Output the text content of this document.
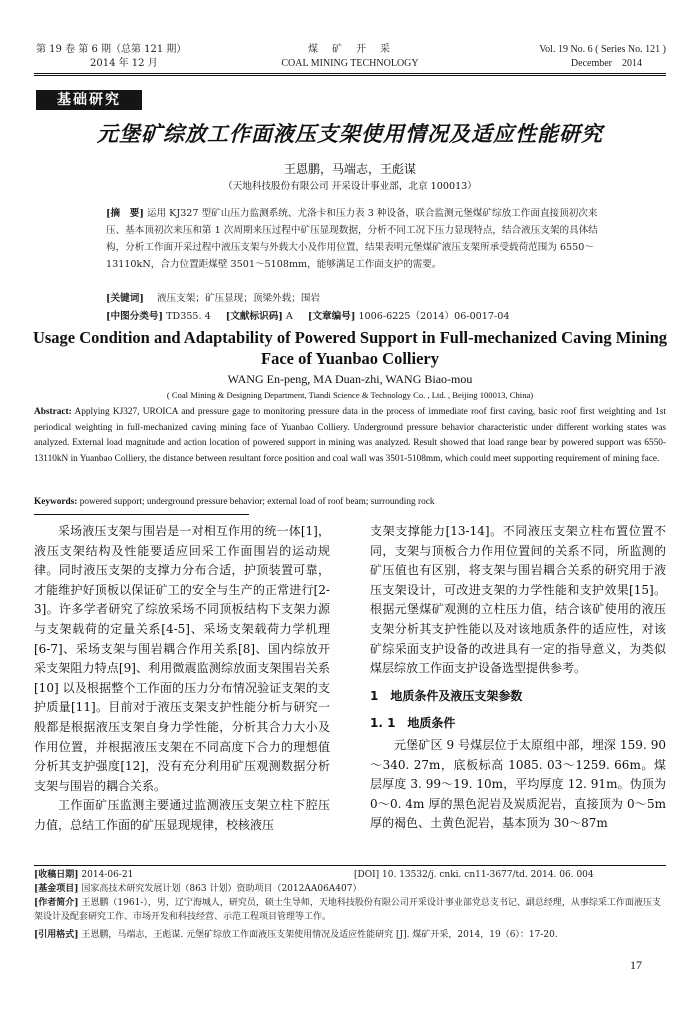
第 19 卷 第 6 期（总第 121 期）
2014 年 12 月
煤　矿　开　采
COAL MINING TECHNOLOGY
Vol. 19 No. 6 ( Series No. 121 )
December　2014
基础研究
元堡矿综放工作面液压支架使用情况及适应性能研究
王恩鹏，马端志，王彪谋
（天地科技股份有限公司 开采设计事业部，北京 100013）
[摘　要] 运用 KJ327 型矿山压力监测系统、尤洛卡和压力表 3 种设备，联合监测元堡煤矿综放工作面直接顶初次来压、基本顶初次来压和第 1 次周期来压过程中矿压显现数据，分析不同工况下压力显现特点，结合液压支架的具体结构，分析工作面开采过程中液压支架与外载大小及作用位置，结果表明元堡煤矿液压支架所承受载荷范围为 6550～13110kN，合力位置距煤壁 3501～5108mm，能够满足工作面支护的需要。
[关键词] 液压支架；矿压显现；顶梁外载；围岩
[中图分类号] TD355. 4 [文献标识码] A [文章编号] 1006-6225（2014）06-0017-04
Usage Condition and Adaptability of Powered Support in Full-mechanized Caving Mining Face of Yuanbao Colliery
WANG En-peng, MA Duan-zhi, WANG Biao-mou
( Coal Mining & Designing Department, Tiandi Science & Technology Co. , Ltd. , Beijing 100013, China)
Abstract: Applying KJ327, UROICA and pressure gage to monitoring pressure data in the process of immediate roof first caving, basic roof first weighting and 1st periodical weighting in full-mechanized caving mining face of Yuanbao Colliery. Underground pressure behavior characteristic under different working states was analyzed. External load magnitude and action location of powered support in mining was analyzed. Result showed that load range bear by powered support was 6550-13110kN in Yuanbao Colliery, the distance between resultant force position and coal wall was 3501-5108mm, which could meet supporting requirement of mining face.
Keywords: powered support; underground pressure behavior; external load of roof beam; surrounding rock

采场液压支架与围岩是一对相互作用的统一体[1]，液压支架结构及性能要适应回采工作面围岩的运动规律。同时液压支架的支撑力分布合适，护顶装置可靠，才能维护好顶板以保证矿工的安全与生产的正常进行[2-3]。许多学者研究了综放采场不同顶板结构下支架力源与支架载荷的定量关系[4-5]、采场支架载荷力学机理[6-7]、采场支架与围岩耦合作用关系[8]、国内综放开采支架阻力特点[9]、利用微震监测综放面支架围岩关系[10] 以及根据整个工作面的压力分布情况验证支架的支护质量[11]。目前对于液压支架支护性能分析与研究一般都是根据液压支架自身力学性能，分析其合力大小及作用位置，并根据液压支架在不同高度下合力的理想值分析其支护强度[12]，没有充分利用矿压观测数据分析支架与围岩的耦合关系。

工作面矿压监测主要通过监测液压支架立柱下腔压力值，总结工作面的矿压显现规律，校核液压

支架支撑能力[13-14]。不同液压支架立柱布置位置不同，支架与顶板合力作用位置间的关系不同，所监测的矿压值也有区别，将支架与围岩耦合关系的研究用于液压支架设计，可改进支架的力学性能和支护效果[15]。根据元堡煤矿观测的立柱压力值，结合该矿使用的液压支架分析其支护性能以及对该地质条件的适应性，对该矿综采面支护设备的改进具有一定的指导意义，为类似煤层综放工作面支护设备选型提供参考。

1　地质条件及液压支架参数
1. 1　地质条件

元堡矿区 9 号煤层位于太原组中部，埋深 159. 90～340. 27m，底板标高 1085. 03～1259. 66m。煤层厚度 3. 99～19. 10m，平均厚度 12. 91m。伪顶为 0～0. 4m 厚的黑色泥岩及炭质泥岩，直接顶为 0～5m 厚的褐色、土黄色泥岩，基本顶为 30～87m

[收稿日期] 2014-06-21	[DOI] 10. 13532/j. cnki. cn11-3677/td. 2014. 06. 004
[基金项目] 国家高技术研究发展计划（863 计划）资助项目（2012AA06A407）
[作者简介] 王恩鹏（1961-），男，辽宁海城人，研究员，硕士生导师，天地科技股份有限公司开采设计事业部党总支书记、副总经理，从事综采工作面液压支架设计及配套研究工作、市场开发和科技经营、示范工程项目管理等工作。
[引用格式] 王恩鹏，马端志，王彪谋. 元堡矿综放工作面液压支架使用情况及适应性能研究 [J]. 煤矿开采，2014，19（6）：17-20.
17
